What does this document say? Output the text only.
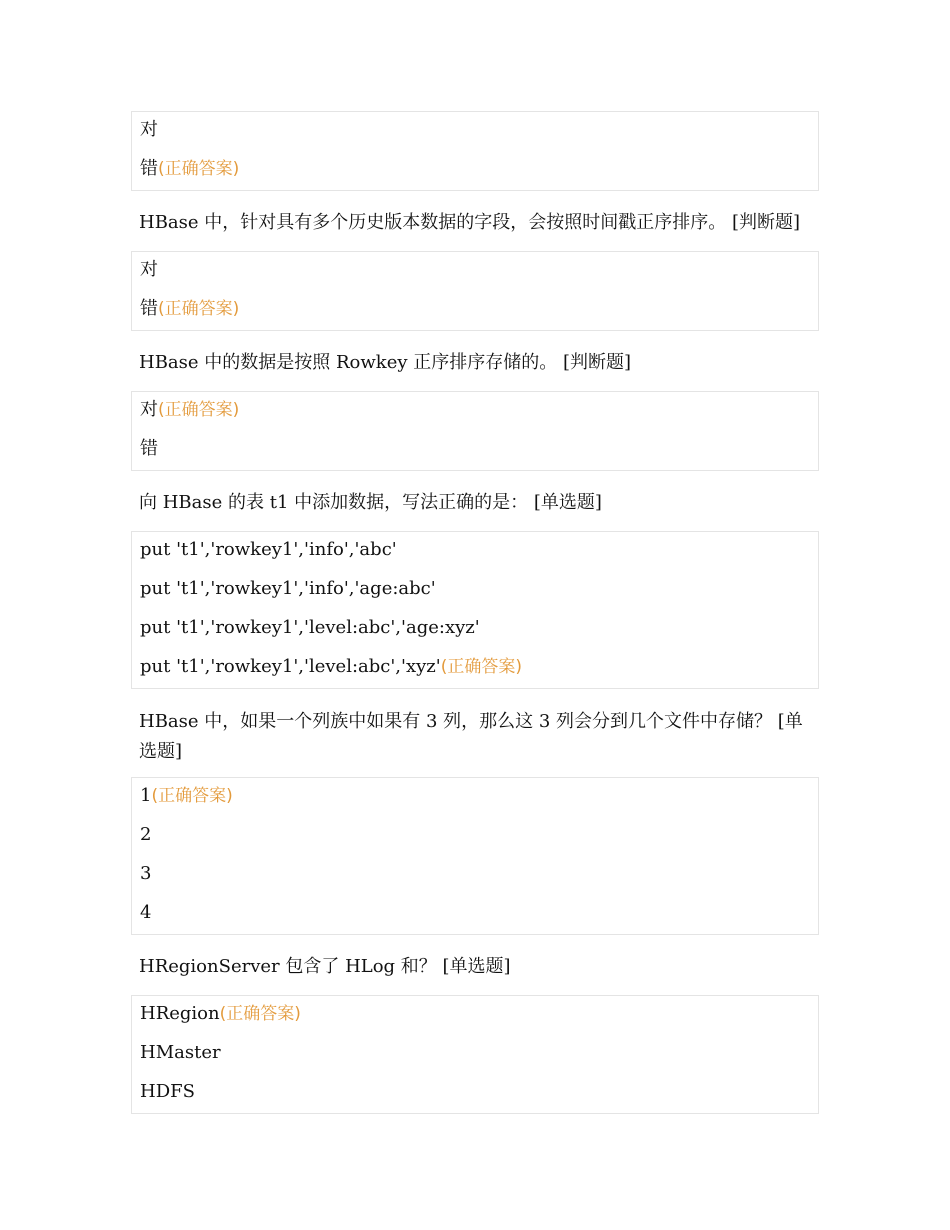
对
错(正确答案)
HBase 中，针对具有多个历史版本数据的字段，会按照时间戳正序排序。 [判断题]
对
错(正确答案)
HBase 中的数据是按照 Rowkey 正序排序存储的。 [判断题]
对(正确答案)
错
向 HBase 的表 t1 中添加数据，写法正确的是： [单选题]
put 't1','rowkey1','info','abc'
put 't1','rowkey1','info','age:abc'
put 't1','rowkey1','level:abc','age:xyz'
put 't1','rowkey1','level:abc','xyz'(正确答案)
HBase 中，如果一个列族中如果有 3 列，那么这 3 列会分到几个文件中存储？ [单
选题]
1(正确答案)
2
3
4
HRegionServer 包含了 HLog 和？ [单选题]
HRegion(正确答案)
HMaster
HDFS
